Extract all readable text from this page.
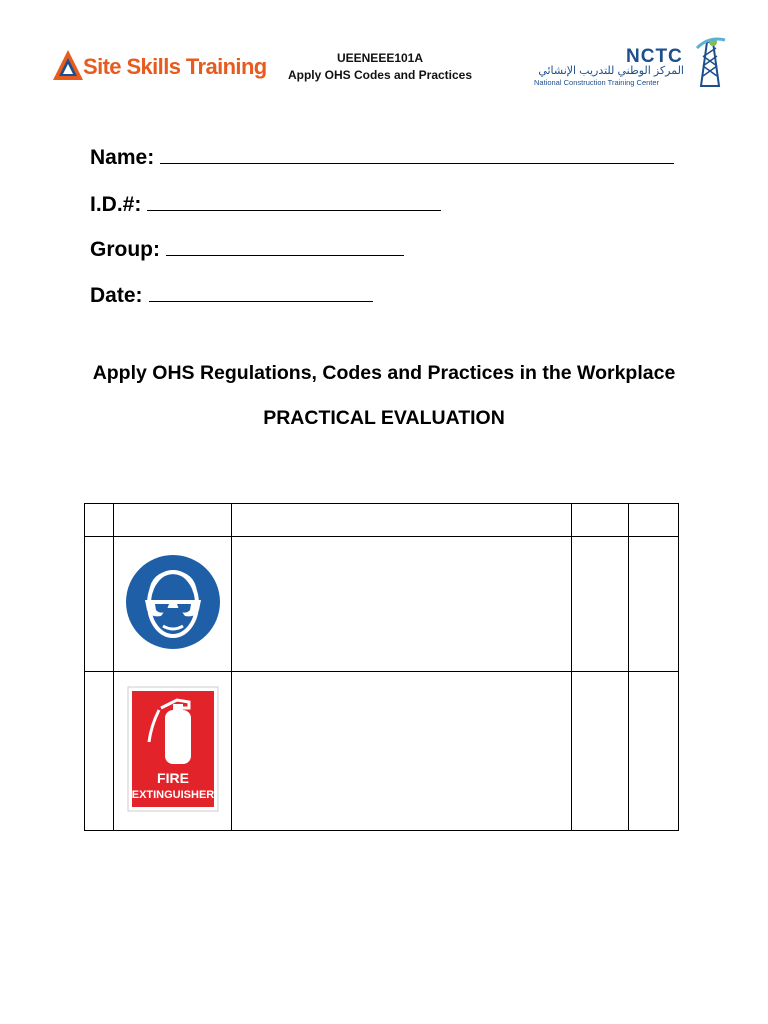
Site Skills Training	UEENEEE101A
Apply OHS Codes and Practices
NCTC
المركز الوطني للتدريب الإنشائي
National Construction Training Center
Name:
I.D.#:
Group:
Date:
Apply OHS Regulations, Codes and Practices in the Workplace
PRACTICAL EVALUATION

FIRE
EXTINGUISHER			
